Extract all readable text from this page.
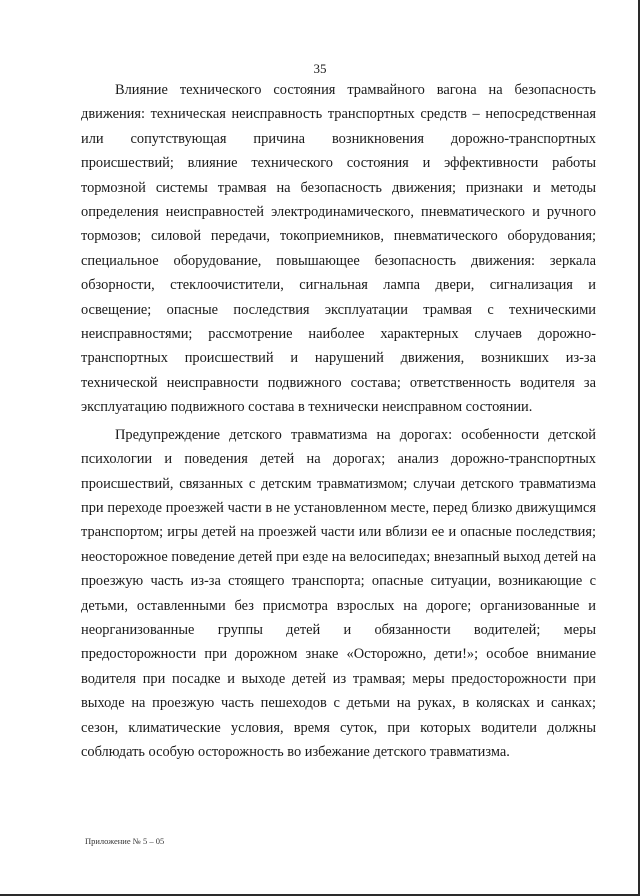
35

Влияние технического состояния трамвайного вагона на безопасность движения: техническая неисправность транспортных средств – непосредственная или сопутствующая причина возникновения дорожно-транспортных происшествий; влияние технического состояния и эффективности работы тормозной системы трамвая на безопасность движения; признаки и методы определения неисправностей электродинамического, пневматического и ручного тормозов; силовой передачи, токоприемников, пневматического оборудования; специальное оборудование, повышающее безопасность движения: зеркала обзорности, стеклоочистители, сигнальная лампа двери, сигнализация и освещение; опасные последствия эксплуатации трамвая с техническими неисправностями; рассмотрение наиболее характерных случаев дорожно-транспортных происшествий и нарушений движения, возникших из-за технической неисправности подвижного состава; ответственность водителя за эксплуатацию подвижного состава в технически неисправном состоянии.

Предупреждение детского травматизма на дорогах: особенности детской психологии и поведения детей на дорогах; анализ дорожно-транспортных происшествий, связанных с детским травматизмом; случаи детского травматизма при переходе проезжей части в не установленном месте, перед близко движущимся транспортом; игры детей на проезжей части или вблизи ее и опасные последствия; неосторожное поведение детей при езде на велосипедах; внезапный выход детей на проезжую часть из-за стоящего транспорта; опасные ситуации, возникающие с детьми, оставленными без присмотра взрослых на дороге; организованные и неорганизованные группы детей и обязанности водителей; меры предосторожности при дорожном знаке «Осторожно, дети!»; особое внимание водителя при посадке и выходе детей из трамвая; меры предосторожности при выходе на проезжую часть пешеходов с детьми на руках, в колясках и санках; сезон, климатические условия, время суток, при которых водители должны соблюдать особую осторожность во избежание детского травматизма.

Приложение № 5 – 05
